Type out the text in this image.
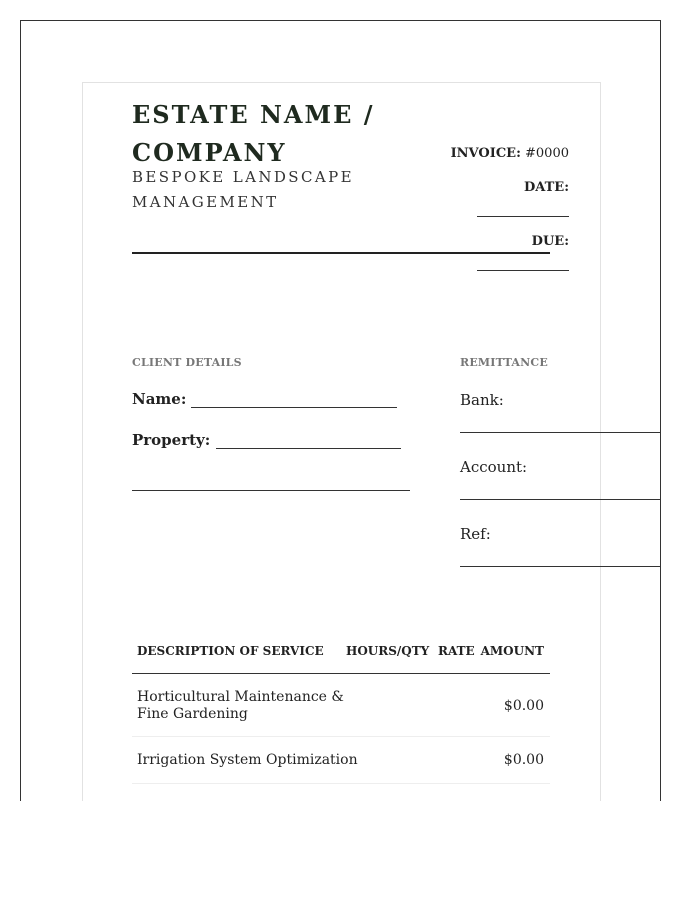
ESTATE NAME / COMPANY
BESPOKE LANDSCAPE MANAGEMENT
INVOICE: #0000
DATE:
DUE:
CLIENT DETAILS
Name:
Property:
REMITTANCE
Bank:
Account:
Ref:
DESCRIPTION OF SERVICE HOURS/QTY RATE AMOUNT
Horticultural Maintenance &
Fine Gardening	$0.00
Irrigation System Optimization	$0.00
